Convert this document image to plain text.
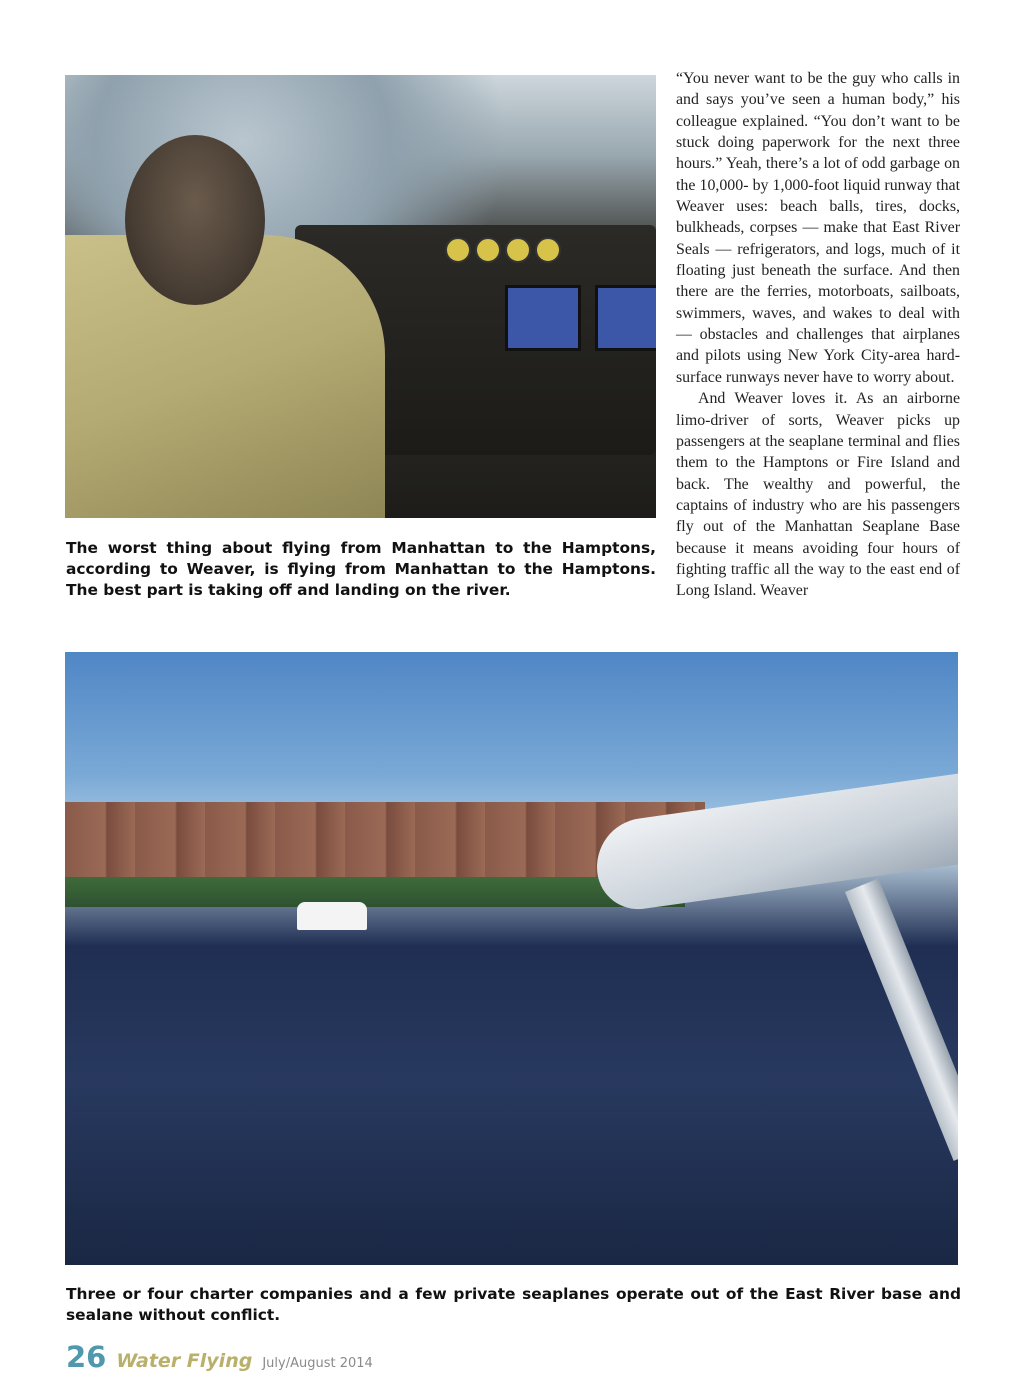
The worst thing about flying from Manhattan to the Hamptons, according to Weaver, is flying from Manhattan to the Hamptons. The best part is taking off and landing on the river.

“You never want to be the guy who calls in and says you’ve seen a human body,” his colleague explained. “You don’t want to be stuck doing paperwork for the next three hours.” Yeah, there’s a lot of odd garbage on the 10,000- by 1,000-foot liquid runway that Weaver uses: beach balls, tires, docks, bulkheads, corpses — make that East River Seals — refrigerators, and logs, much of it floating just beneath the surface. And then there are the ferries, motorboats, sailboats, swimmers, waves, and wakes to deal with — obstacles and challenges that airplanes and pilots using New York City-area hard-surface runways never have to worry about.

And Weaver loves it. As an airborne limo-driver of sorts, Weaver picks up passengers at the seaplane terminal and flies them to the Hamptons or Fire Island and back. The wealthy and powerful, the captains of industry who are his passengers fly out of the Manhattan Seaplane Base because it means avoiding four hours of fighting traffic all the way to the east end of Long Island. Weaver

Three or four charter companies and a few private seaplanes operate out of the East River base and sealane without conflict.

26 Water Flying July/August 2014
